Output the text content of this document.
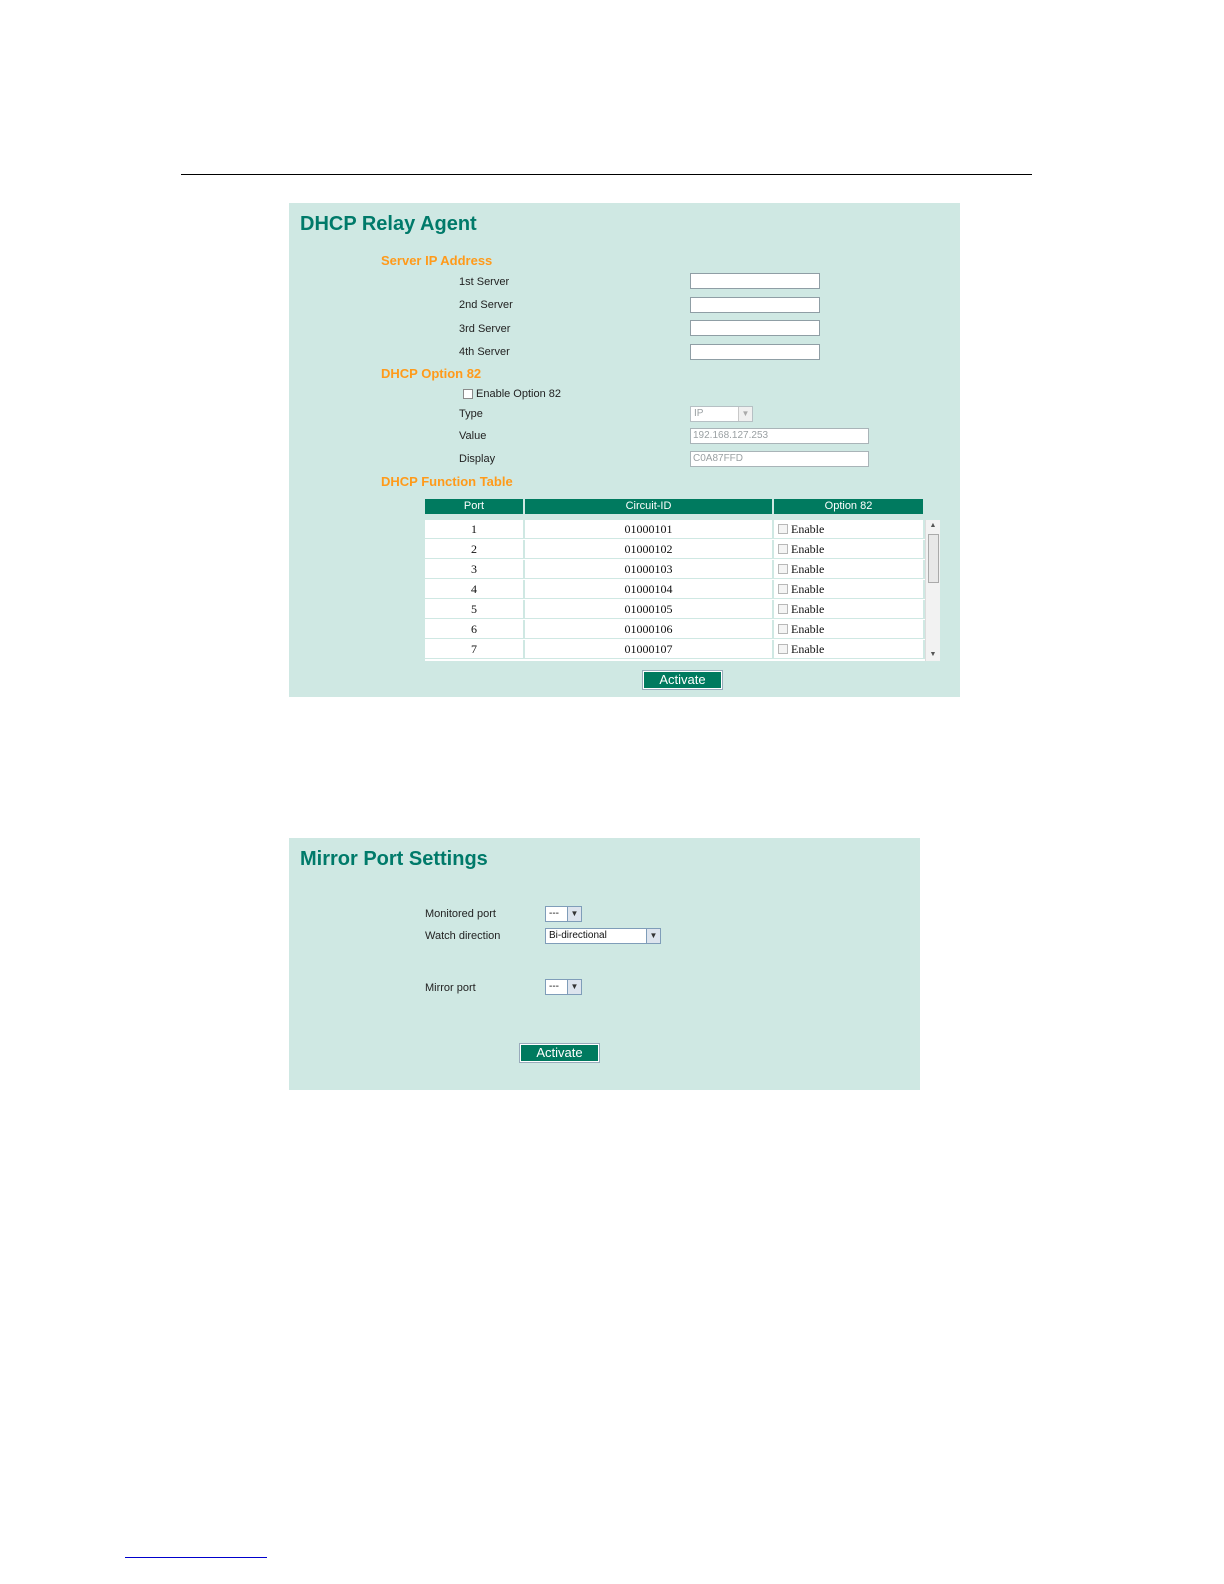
DHCP Relay Agent
Server IP Address
1st Server
2nd Server
3rd Server
4th Server
DHCP Option 82
Enable Option 82
Type	IP	▼
Value	192.168.127.253
Display	C0A87FFD
DHCP Function Table
Port	Circuit-ID	Option 82
1	01000101	Enable
2	01000102	Enable
3	01000103	Enable
4	01000104	Enable
5	01000105	Enable
6	01000106	Enable
7	01000107	Enable
▲
▼
Activate
Mirror Port Settings
Monitored port	---	▼
Watch direction	Bi-directional	▼
Mirror port	---	▼
Activate
